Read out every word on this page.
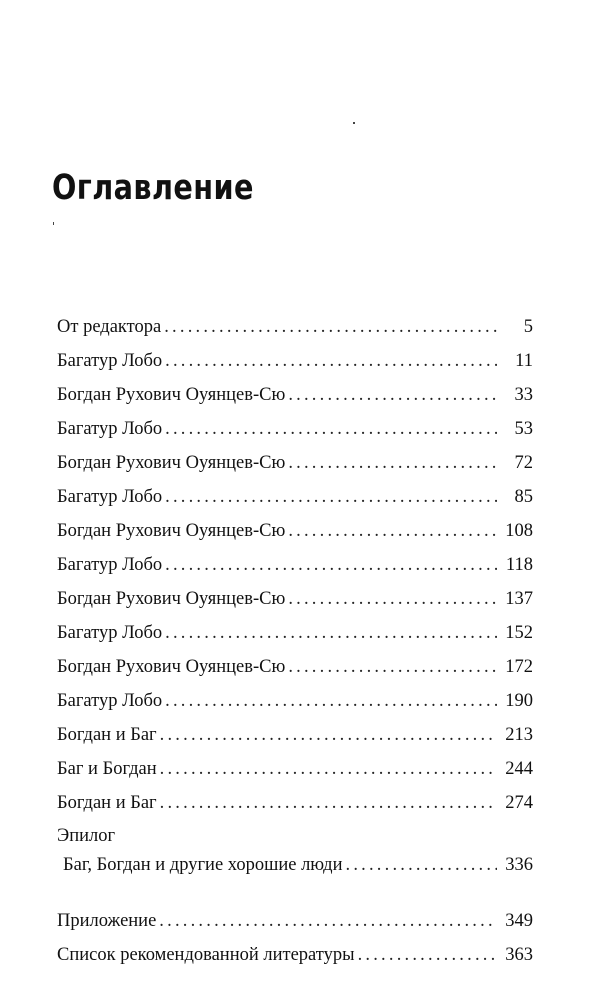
Оглавление
От редактора .....	5
Багатур Лобо .....	11
Богдан Рухович Оуянцев-Сю .....	33
Багатур Лобо .....	53
Богдан Рухович Оуянцев-Сю .....	72
Багатур Лобо .....	85
Богдан Рухович Оуянцев-Сю .....	108
Багатур Лобо .....	118
Богдан Рухович Оуянцев-Сю .....	137
Багатур Лобо .....	152
Богдан Рухович Оуянцев-Сю .....	172
Багатур Лобо .....	190
Богдан и Баг .....	213
Баг и Богдан .....	244
Богдан и Баг .....	274
Эпилог
Баг, Богдан и другие хорошие люди .....	336
Приложение .....	349
Список рекомендованной литературы .....	363
